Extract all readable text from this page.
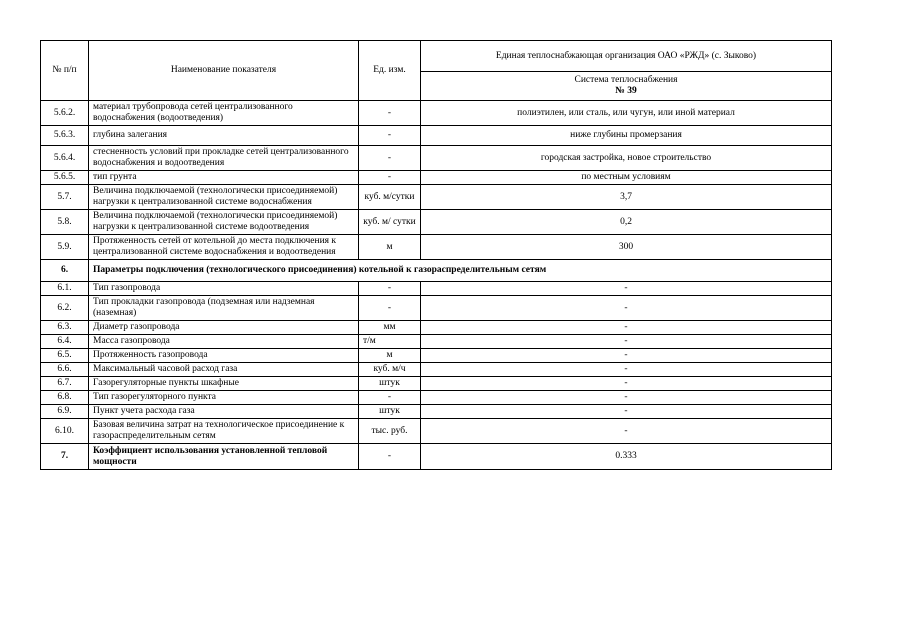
№ п/п	Наименование показателя	Ед. изм.	Единая теплоснабжающая организация ОАО «РЖД» (с. Зыково)

			Система теплоснабжения
№ 39

5.6.2.	материал трубопровода сетей централизованного водоснабжения (водоотведения)	-	полиэтилен, или сталь, или чугун, или иной материал
5.6.3.	глубина залегания	-	ниже глубины промерзания
5.6.4.	стесненность условий при прокладке сетей централизованного водоснабжения и водоотведения	-	городская застройка, новое строительство
5.6.5.	тип грунта	-	по местным условиям
5.7.	Величина подключаемой (технологически присоединяемой) нагрузки к централизованной системе водоснабжения	куб. м/сутки	3,7
5.8.	Величина подключаемой (технологически присоединяемой) нагрузки к централизованной системе водоотведения	куб. м/ сутки	0,2
5.9.	Протяженность сетей от котельной до места подключения к централизованной системе водоснабжения и водоотведения	м	300
6.	Параметры подключения (технологического присоединения) котельной к газораспределительным сетям		
6.1.	Тип газопровода	-	-
6.2.	Тип прокладки газопровода (подземная или надземная (наземная)	-	-
6.3.	Диаметр газопровода	мм	-
6.4.	Масса газопровода	т/м	-
6.5.	Протяженность газопровода	м	-
6.6.	Максимальный часовой расход газа	куб. м/ч	-
6.7.	Газорегуляторные пункты шкафные	штук	-
6.8.	Тип газорегуляторного пункта	-	-
6.9.	Пункт учета расхода газа	штук	-
6.10.	Базовая величина затрат на технологическое присоединение к газораспределительным сетям	тыс. руб.	-
7.	Коэффициент использования установленной тепловой мощности	-	0.333
